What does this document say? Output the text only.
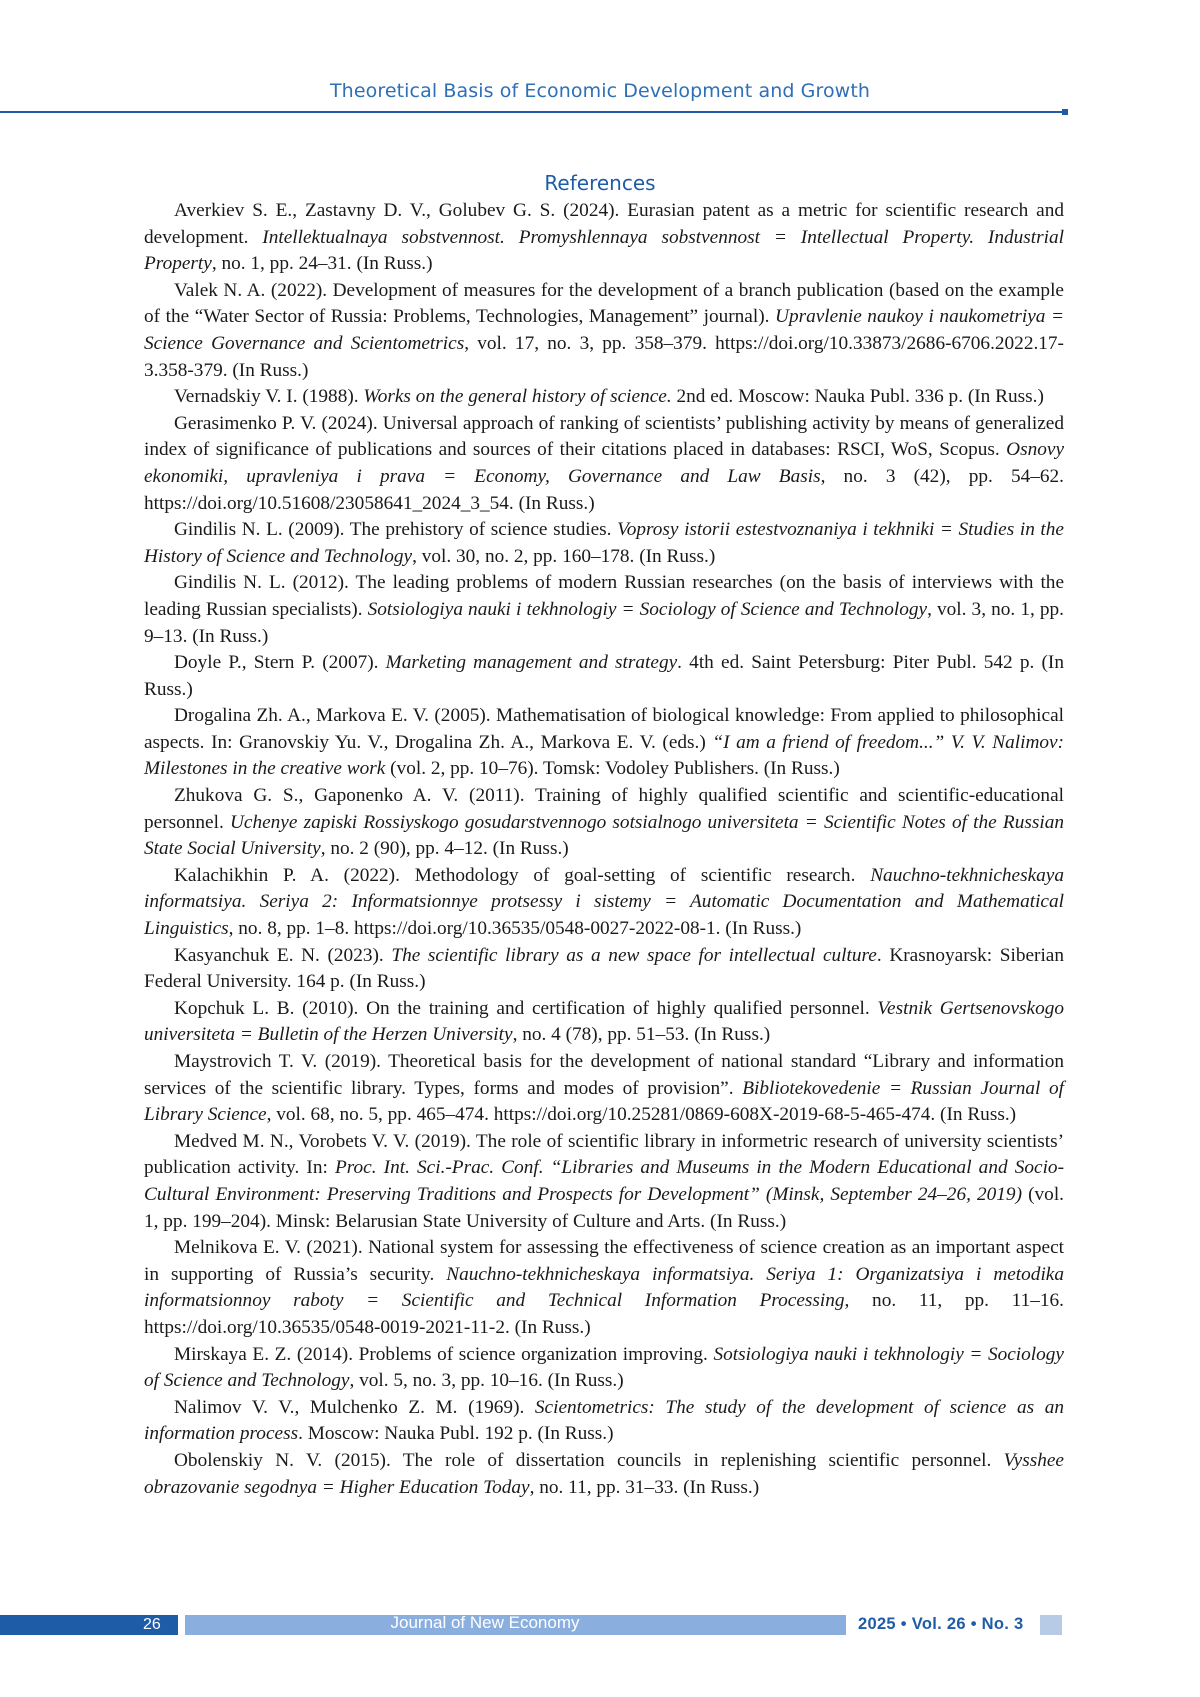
Theoretical Basis of Economic Development and Growth
References

Averkiev S. E., Zastavny D. V., Golubev G. S. (2024). Eurasian patent as a metric for scientific research and development. Intellektualnaya sobstvennost. Promyshlennaya sobstvennost = Intellectual Property. In­dustrial Property, no. 1, pp. 24–31. (In Russ.)

Valek N. A. (2022). Development of measures for the development of a branch publication (based on the example of the “Water Sector of Russia: Problems, Technologies, Management” journal). Upravlenie naukoy i naukometriya = Science Governance and Scientometrics, vol. 17, no. 3, pp. 358–379. https://doi.org/10.33873/2686-6706.2022.17-3.358-379. (In Russ.)

Vernadskiy V. I. (1988). Works on the general history of science. 2nd ed. Moscow: Nauka Publ. 336 p. (In Russ.)

Gerasimenko P. V. (2024). Universal approach of ranking of scientists’ publishing activity by means of generalized index of significance of publications and sources of their citations placed in databases: RSCI, WoS, Scopus. Osnovy ekonomiki, upravleniya i prava = Economy, Governance and Law Basis, no. 3 (42), pp. 54–62. https://doi.org/10.51608/23058641_2024_3_54. (In Russ.)

Gindilis N. L. (2009). The prehistory of science studies. Voprosy istorii estestvoznaniya i tekhniki = Studies in the History of Science and Technology, vol. 30, no. 2, pp. 160–178. (In Russ.)

Gindilis N. L. (2012). The leading problems of modern Russian researches (on the basis of interviews with the leading Russian specialists). Sotsiologiya nauki i tekhnologiy = Sociology of Science and Technol­ogy, vol. 3, no. 1, pp. 9–13. (In Russ.)

Doyle P., Stern P. (2007). Marketing management and strategy. 4th ed. Saint Petersburg: Piter Publ. 542 p. (In Russ.)

Drogalina Zh. A., Markova E. V. (2005). Mathematisation of biological knowledge: From applied to phil­osophical aspects. In: Granovskiy Yu. V., Drogalina Zh. A., Markova E. V. (eds.) “I am a friend of freedom...” V. V. Nalimov: Milestones in the creative work (vol. 2, pp. 10–76). Tomsk: Vodoley Publishers. (In Russ.)

Zhukova G. S., Gaponenko A. V. (2011). Training of highly qualified scientific and scientific-educa­tional personnel. Uchenye zapiski Rossiyskogo gosudarstvennogo sotsialnogo universiteta = Scientific Notes of the Russian State Social University, no. 2 (90), pp. 4–12. (In Russ.)

Kalachikhin P. A. (2022). Methodology of goal-setting of scientific research. Nauchno-tekhnicheskaya informatsiya. Seriya 2: Informatsionnye protsessy i sistemy = Automatic Documentation and Mathematical Linguistics, no. 8, pp. 1–8. https://doi.org/10.36535/0548-0027-2022-08-1. (In Russ.)

Kasyanchuk E. N. (2023). The scientific library as a new space for intellectual culture. Krasnoyarsk: Siberian Federal University. 164 p. (In Russ.)

Kopchuk L. B. (2010). On the training and certification of highly qualified personnel. Vestnik Gertse­novskogo universiteta = Bulletin of the Herzen University, no. 4 (78), pp. 51–53. (In Russ.)

Maystrovich T. V. (2019). Theoretical basis for the development of national standard “Library and information services of the scientific library. Types, forms and modes of provision”. Bibliotekove­denie = Russian Journal of Library Science, vol. 68, no. 5, pp. 465–474. https://doi.org/10.25281/0869-608X-2019-68-5-465-474. (In Russ.)

Medved M. N., Vorobets V. V. (2019). The role of scientific library in informetric research of university scientists’ publication activity. In: Proc. Int. Sci.-Prac. Conf. “Libraries and Museums in the Modern Educa­tional and Socio-Cultural Environment: Preserving Traditions and Prospects for Development” (Minsk, Sep­tember 24–26, 2019) (vol. 1, pp. 199–204). Minsk: Belarusian State University of Culture and Arts. (In Russ.)

Melnikova E. V. (2021). National system for assessing the effectiveness of science creation as an im­portant aspect in supporting of Russia’s security. Nauchno-tekhnicheskaya informatsiya. Seriya 1: Or­ganizatsiya i metodika informatsionnoy raboty = Scientific and Technical Information Processing, no. 11, pp. 11–16. https://doi.org/10.36535/0548-0019-2021-11-2. (In Russ.)

Mirskaya E. Z. (2014). Problems of science organization improving. Sotsiologiya nauki i tekhnologiy = Sociology of Science and Technology, vol. 5, no. 3, pp. 10–16. (In Russ.)

Nalimov V. V., Mulchenko Z. M. (1969). Scientometrics: The study of the development of science as an information process. Moscow: Nauka Publ. 192 p. (In Russ.)

Obolenskiy N. V. (2015). The role of dissertation councils in replenishing scientific personnel. Vysshee obrazovanie segodnya = Higher Education Today, no. 11, pp. 31–33. (In Russ.)

26	Journal of New Economy	2025 • Vol. 26 • No. 3
